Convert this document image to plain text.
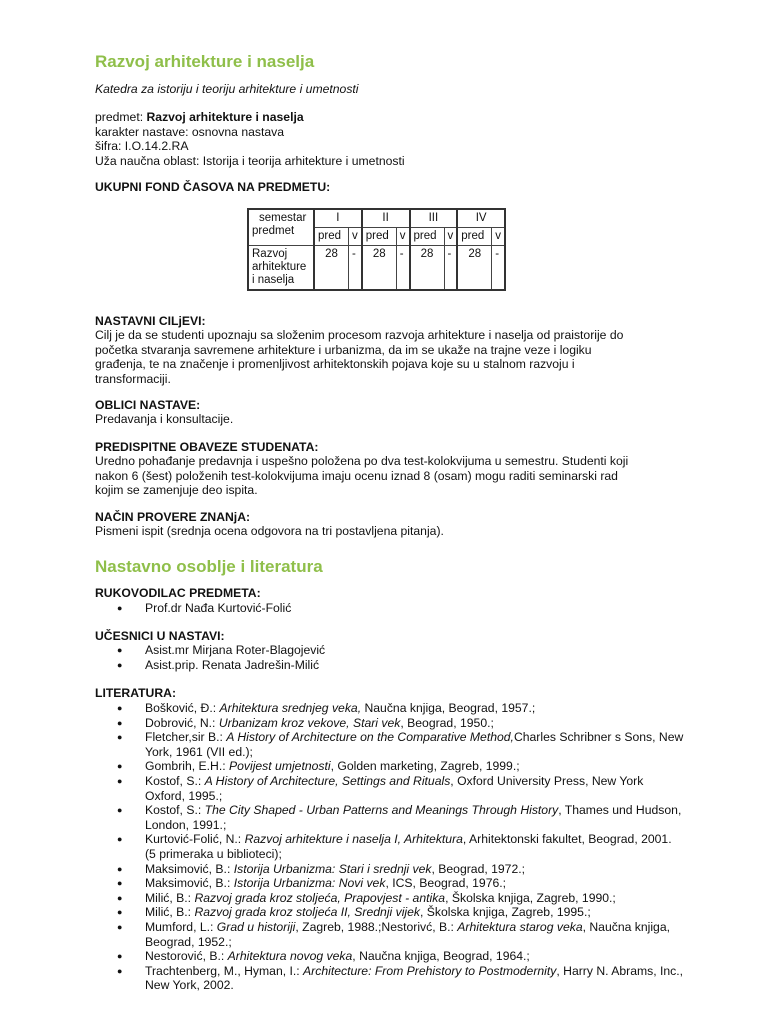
Razvoj arhitekture i naselja
Katedra za istoriju i teoriju arhitekture i umetnosti
predmet: Razvoj arhitekture i naselja
karakter nastave: osnovna nastava
šifra: I.O.14.2.RA
Uža naučna oblast: Istorija i teorija arhitekture i umetnosti
UKUPNI FOND ČASOVA NA PREDMETU:
semestar
predmet	I		II		III		IV	
	pred	v	pred	v	pred	v	pred	v
Razvoj arhitekture i naselja	28	-	28	-	28	-	28	-
NASTAVNI CILjEVI:
Cilj je da se studenti upoznaju sa složenim procesom razvoja arhitekture i naselja od praistorije do
početka stvaranja savremene arhitekture i urbanizma, da im se ukaže na trajne veze i logiku
građenja, te na značenje i promenljivost arhitektonskih pojava koje su u stalnom razvoju i
transformaciji.
OBLICI NASTAVE:
Predavanja i konsultacije.
PREDISPITNE OBAVEZE STUDENATA:
Uredno pohađanje predavnja i uspešno položena po dva test-kolokvijuma u semestru. Studenti koji
nakon 6 (šest) položenih test-kolokvijuma imaju ocenu iznad 8 (osam) mogu raditi seminarski rad
kojim se zamenjuje deo ispita.
NAČIN PROVERE ZNANjA:
Pismeni ispit (srednja ocena odgovora na tri postavljena pitanja).
Nastavno osoblje i literatura
RUKOVODILAC PREDMETA:
● Prof.dr Nađa Kurtović-Folić
UČESNICI U NASTAVI:
● Asist.mr Mirjana Roter-Blagojević
● Asist.prip. Renata Jadrešin-Milić
LITERATURA:
● Bošković, Đ.: Arhitektura srednjeg veka, Naučna knjiga, Beograd, 1957.;
● Dobrović, N.: Urbanizam kroz vekove, Stari vek, Beograd, 1950.;
● Fletcher,sir B.: A History of Architecture on the Comparative Method,Charles Schribner s Sons, New York, 1961 (VII ed.);
● Gombrih, E.H.: Povijest umjetnosti, Golden marketing, Zagreb, 1999.;
● Kostof, S.: A History of Architecture, Settings and Rituals, Oxford University Press, New York Oxford, 1995.;
● Kostof, S.: The City Shaped - Urban Patterns and Meanings Through History, Thames und Hudson, London, 1991.;
● Kurtović-Folić, N.: Razvoj arhitekture i naselja I, Arhitektura, Arhitektonski fakultet, Beograd, 2001. (5 primeraka u biblioteci);
● Maksimović, B.: Istorija Urbanizma: Stari i srednji vek, Beograd, 1972.;
● Maksimović, B.: Istorija Urbanizma: Novi vek, ICS, Beograd, 1976.;
● Milić, B.: Razvoj grada kroz stoljeća, Prapovjest - antika, Školska knjiga, Zagreb, 1990.;
● Milić, B.: Razvoj grada kroz stoljeća II, Srednji vijek, Školska knjiga, Zagreb, 1995.;
● Mumford, L.: Grad u historiji, Zagreb, 1988.;Nestorivć, B.: Arhitektura starog veka, Naučna knjiga, Beograd, 1952.;
● Nestorović, B.: Arhitektura novog veka, Naučna knjiga, Beograd, 1964.;
● Trachtenberg, M., Hyman, I.: Architecture: From Prehistory to Postmodernity, Harry N. Abrams, Inc., New York, 2002.
